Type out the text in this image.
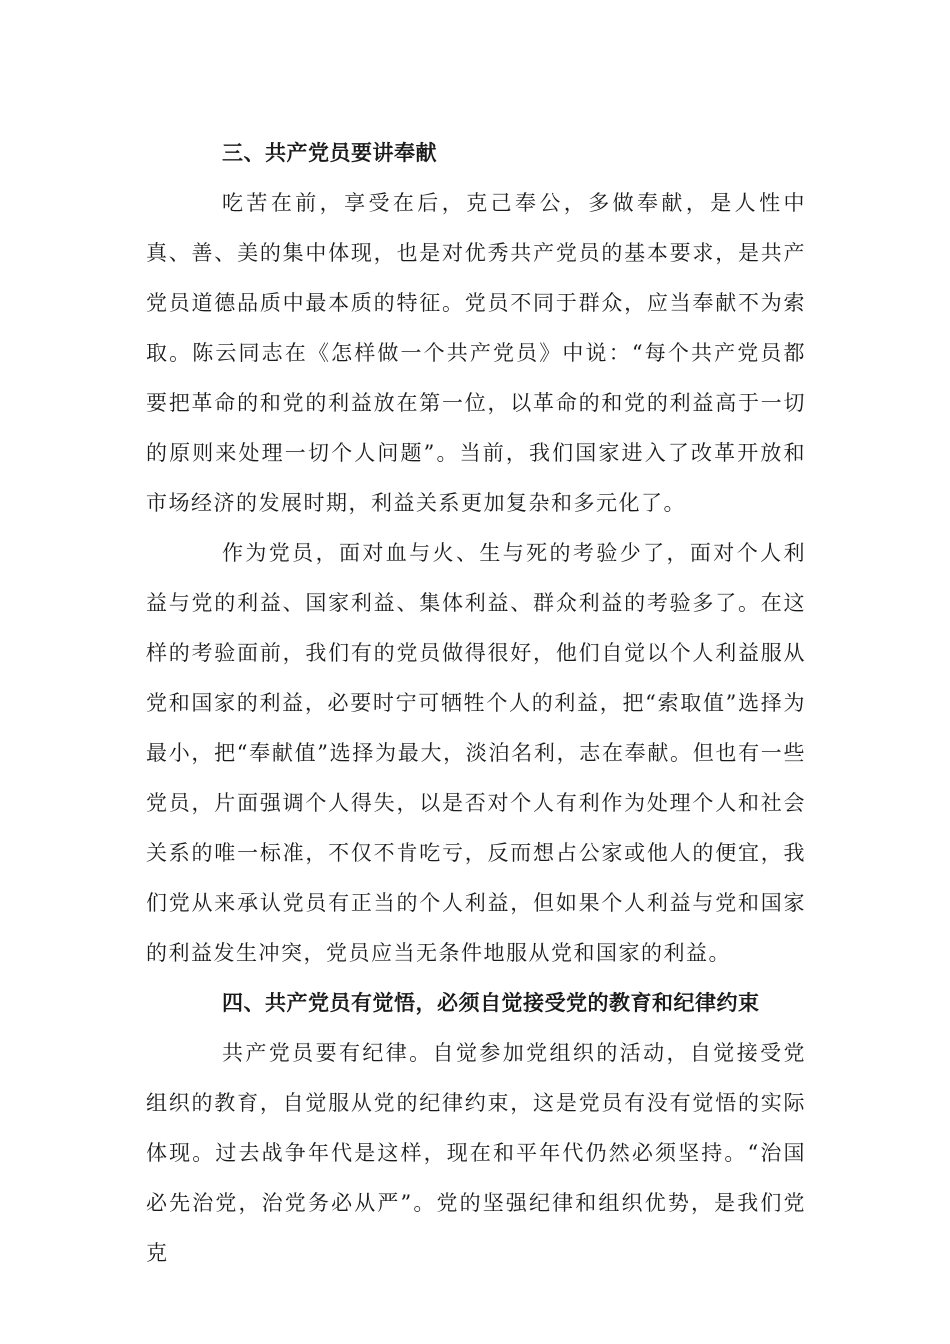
三、共产党员要讲奉献

吃苦在前，享受在后，克己奉公，多做奉献，是人性中真、善、美的集中体现，也是对优秀共产党员的基本要求，是共产党员道德品质中最本质的特征。党员不同于群众，应当奉献不为索取。陈云同志在《怎样做一个共产党员》中说：“每个共产党员都要把革命的和党的利益放在第一位，以革命的和党的利益高于一切的原则来处理一切个人问题”。当前，我们国家进入了改革开放和市场经济的发展时期，利益关系更加复杂和多元化了。

作为党员，面对血与火、生与死的考验少了，面对个人利益与党的利益、国家利益、集体利益、群众利益的考验多了。在这样的考验面前，我们有的党员做得很好，他们自觉以个人利益服从党和国家的利益，必要时宁可牺牲个人的利益，把“索取值”选择为最小，把“奉献值”选择为最大，淡泊名利，志在奉献。但也有一些党员，片面强调个人得失，以是否对个人有利作为处理个人和社会关系的唯一标准，不仅不肯吃亏，反而想占公家或他人的便宜，我们党从来承认党员有正当的个人利益，但如果个人利益与党和国家的利益发生冲突，党员应当无条件地服从党和国家的利益。

四、共产党员有觉悟，必须自觉接受党的教育和纪律约束

共产党员要有纪律。自觉参加党组织的活动，自觉接受党组织的教育，自觉服从党的纪律约束，这是党员有没有觉悟的实际体现。过去战争年代是这样，现在和平年代仍然必须坚持。“治国必先治党，治党务必从严”。党的坚强纪律和组织优势，是我们党克
